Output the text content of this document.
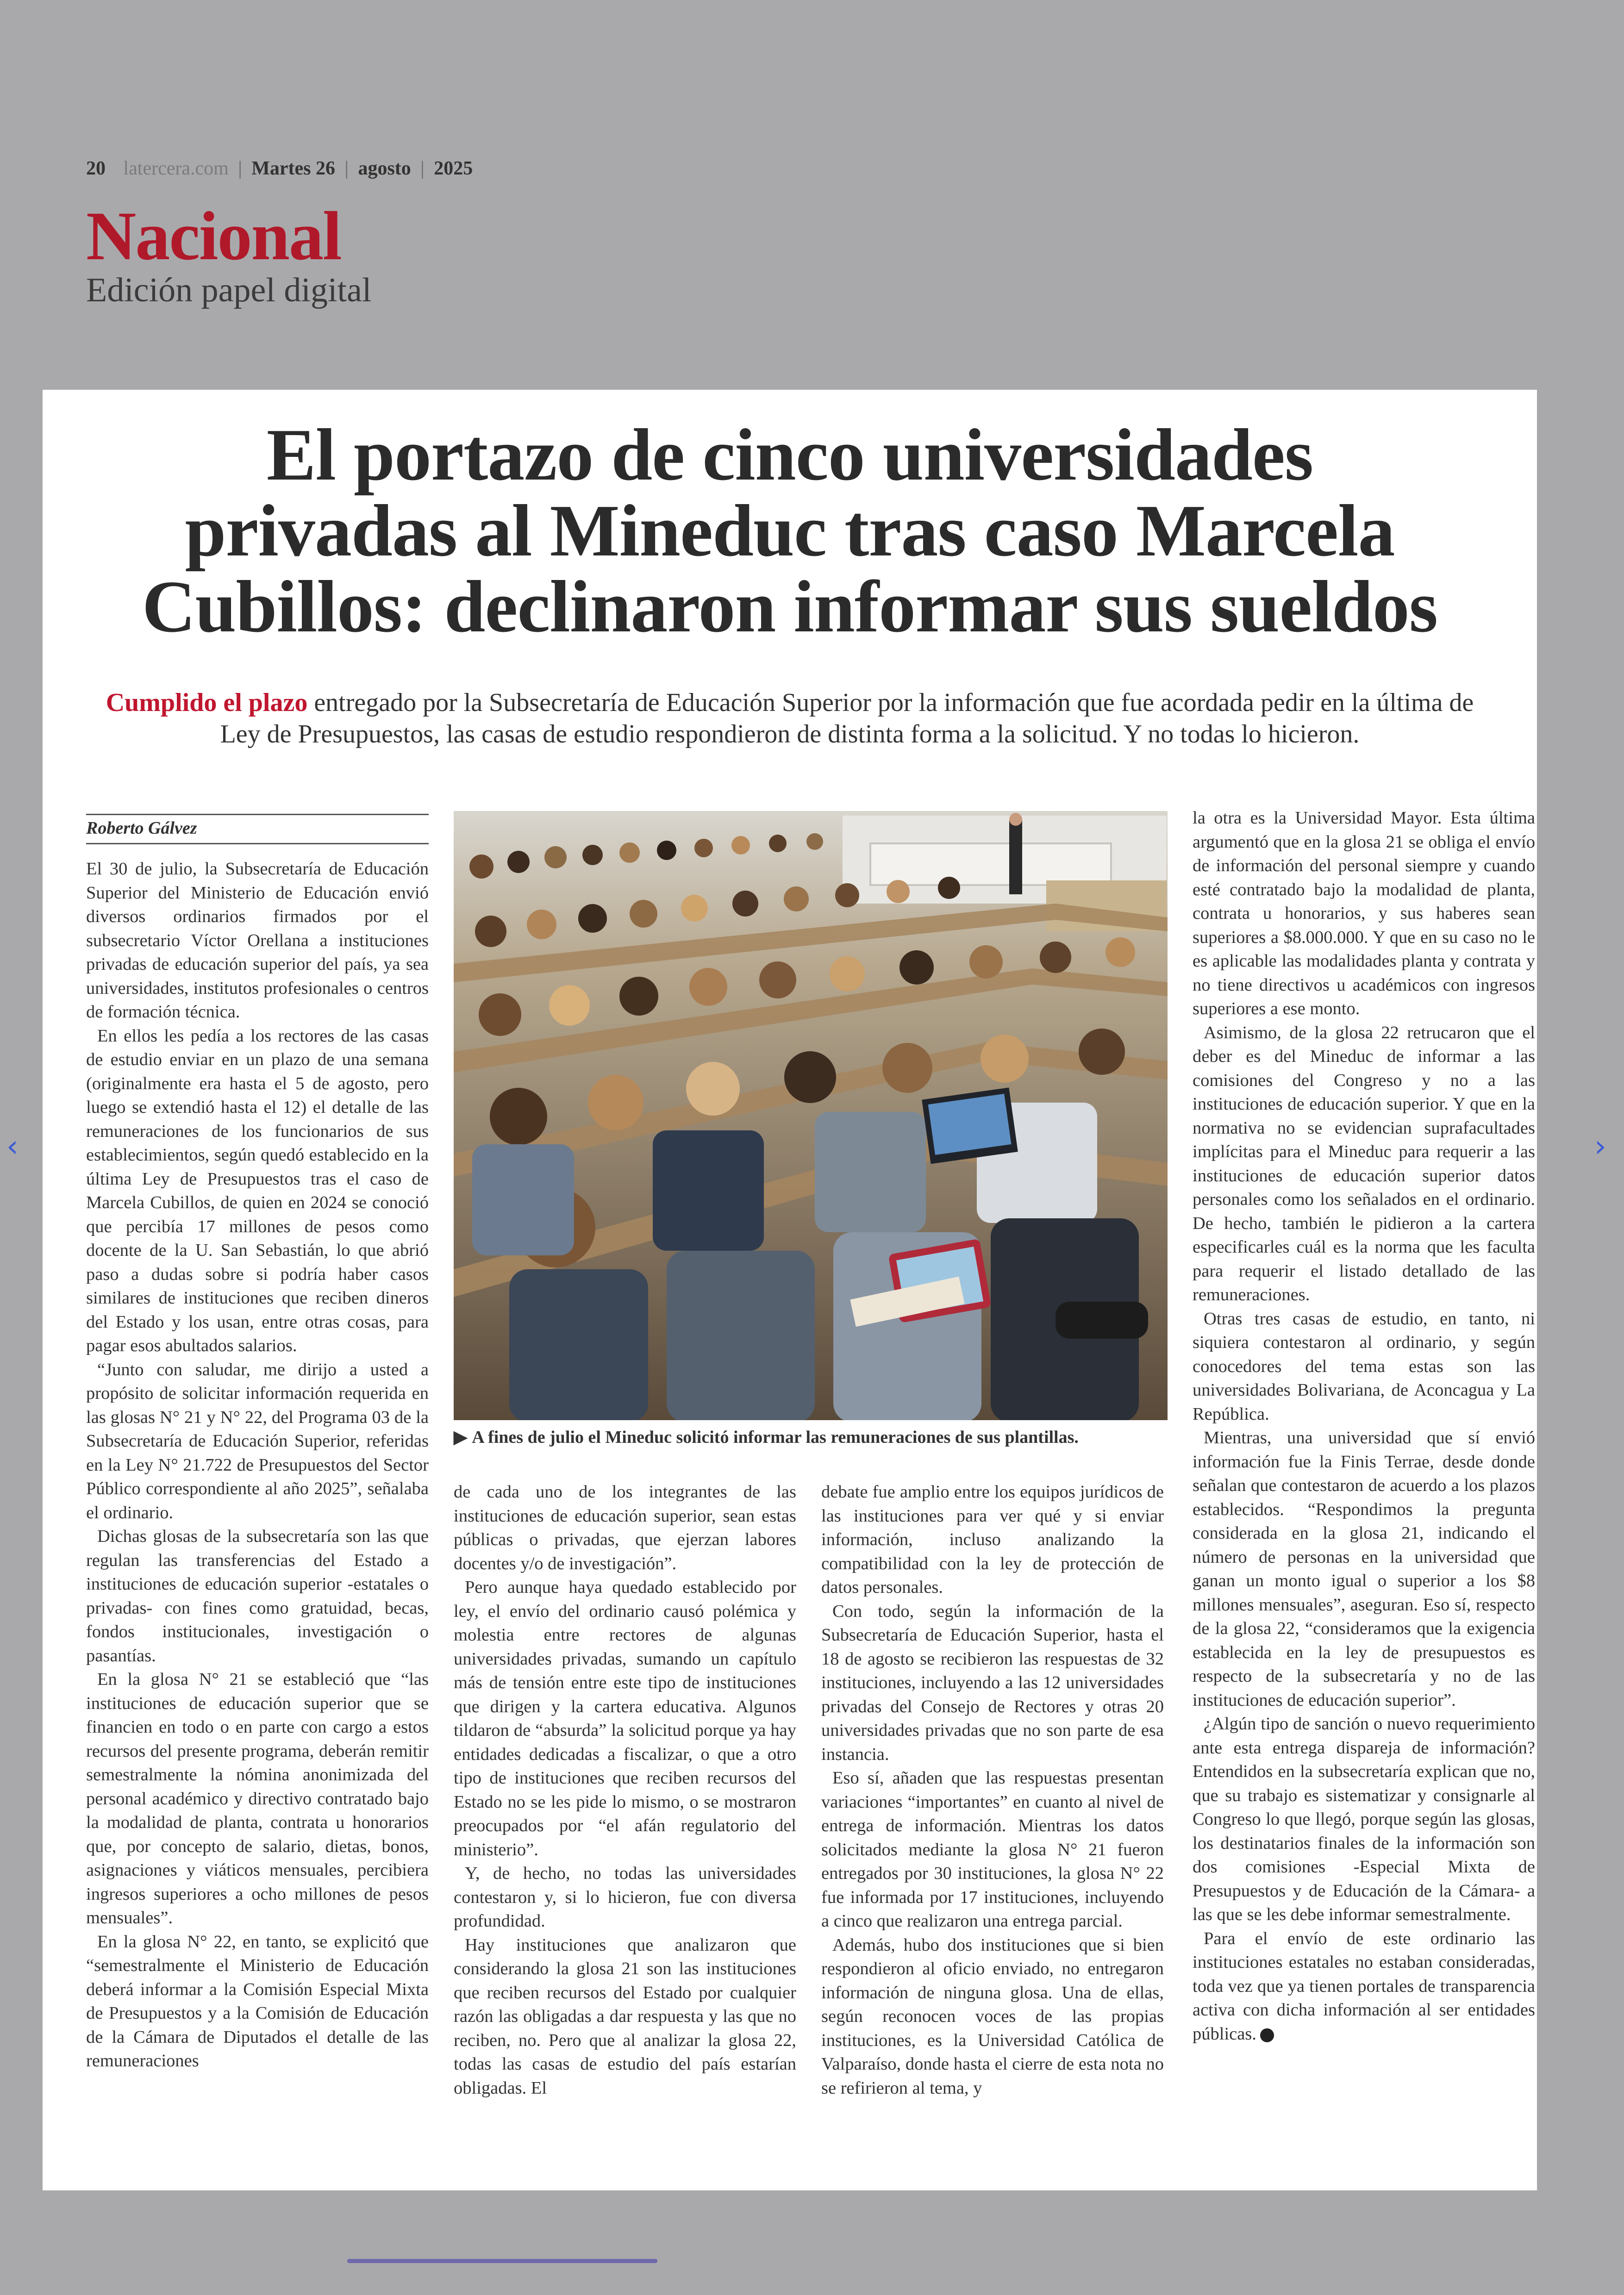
20 latercera.com | Martes 26 | agosto | 2025
Nacional
Edición papel digital
‹	›
El portazo de cinco universidades
privadas al Mineduc tras caso Marcela
Cubillos: declinaron informar sus sueldos
Cumplido el plazo entregado por la Subsecretaría de Educación Superior por la información que fue acordada pedir en la última de Ley de Presupuestos, las casas de estudio respondieron de distinta forma a la solicitud. Y no todas lo hicieron.
Roberto Gálvez

El 30 de julio, la Subsecretaría de Educación Superior del Ministerio de Educación envió diversos ordinarios firmados por el subsecretario Víctor Orellana a instituciones privadas de educación superior del país, ya sea universidades, institutos profesionales o centros de formación técnica.

En ellos les pedía a los rectores de las casas de estudio enviar en un plazo de una semana (originalmente era hasta el 5 de agosto, pero luego se extendió hasta el 12) el detalle de las remuneraciones de los funcionarios de sus establecimientos, según quedó establecido en la última Ley de Presupuestos tras el caso de Marcela Cubillos, de quien en 2024 se conoció que percibía 17 millones de pesos como docente de la U. San Sebastián, lo que abrió paso a dudas sobre si podría haber casos similares de instituciones que reciben dineros del Estado y los usan, entre otras cosas, para pagar esos abultados salarios.

“Junto con saludar, me dirijo a usted a propósito de solicitar información requerida en las glosas N° 21 y N° 22, del Programa 03 de la Subsecretaría de Educación Superior, referidas en la Ley N° 21.722 de Presupuestos del Sector Público correspondiente al año 2025”, señalaba el ordinario.

Dichas glosas de la subsecretaría son las que regulan las transferencias del Estado a instituciones de educación superior -estatales o privadas- con fines como gratuidad, becas, fondos institucionales, investigación o pasantías.

En la glosa N° 21 se estableció que “las instituciones de educación superior que se financien en todo o en parte con cargo a estos recursos del presente programa, deberán remitir semestralmente la nómina anonimizada del personal académico y directivo contratado bajo la modalidad de planta, contrata u honorarios que, por concepto de salario, dietas, bonos, asignaciones y viáticos mensuales, percibiera ingresos superiores a ocho millones de pesos mensuales”.

En la glosa N° 22, en tanto, se explicitó que “semestralmente el Ministerio de Educación deberá informar a la Comisión Especial Mixta de Presupuestos y a la Comisión de Educación de la Cámara de Diputados el detalle de las remuneraciones

▶ A fines de julio el Mineduc solicitó informar las remuneraciones de sus plantillas.

de cada uno de los integrantes de las instituciones de educación superior, sean estas públicas o privadas, que ejerzan labores docentes y/o de investigación”.

Pero aunque haya quedado establecido por ley, el envío del ordinario causó polémica y molestia entre rectores de algunas universidades privadas, sumando un capítulo más de tensión entre este tipo de instituciones que dirigen y la cartera educativa. Algunos tildaron de “absurda” la solicitud porque ya hay entidades dedicadas a fiscalizar, o que a otro tipo de instituciones que reciben recursos del Estado no se les pide lo mismo, o se mostraron preocupados por “el afán regulatorio del ministerio”.

Y, de hecho, no todas las universidades contestaron y, si lo hicieron, fue con diversa profundidad.

Hay instituciones que analizaron que considerando la glosa 21 son las instituciones que reciben recursos del Estado por cualquier razón las obligadas a dar respuesta y las que no reciben, no. Pero que al analizar la glosa 22, todas las casas de estudio del país estarían obligadas. El

debate fue amplio entre los equipos jurídicos de las instituciones para ver qué y si enviar información, incluso analizando la compatibilidad con la ley de protección de datos personales.

Con todo, según la información de la Subsecretaría de Educación Superior, hasta el 18 de agosto se recibieron las respuestas de 32 instituciones, incluyendo a las 12 universidades privadas del Consejo de Rectores y otras 20 universidades privadas que no son parte de esa instancia.

Eso sí, añaden que las respuestas presentan variaciones “importantes” en cuanto al nivel de entrega de información. Mientras los datos solicitados mediante la glosa N° 21 fueron entregados por 30 instituciones, la glosa N° 22 fue informada por 17 instituciones, incluyendo a cinco que realizaron una entrega parcial.

Además, hubo dos instituciones que si bien respondieron al oficio enviado, no entregaron información de ninguna glosa. Una de ellas, según reconocen voces de las propias instituciones, es la Universidad Católica de Valparaíso, donde hasta el cierre de esta nota no se refirieron al tema, y

la otra es la Universidad Mayor. Esta última argumentó que en la glosa 21 se obliga el envío de información del personal siempre y cuando esté contratado bajo la modalidad de planta, contrata u honorarios, y sus haberes sean superiores a $8.000.000. Y que en su caso no le es aplicable las modalidades planta y contrata y no tiene directivos u académicos con ingresos superiores a ese monto.

Asimismo, de la glosa 22 retrucaron que el deber es del Mineduc de informar a las comisiones del Congreso y no a las instituciones de educación superior. Y que en la normativa no se evidencian suprafacultades implícitas para el Mineduc para requerir a las instituciones de educación superior datos personales como los señalados en el ordinario. De hecho, también le pidieron a la cartera especificarles cuál es la norma que les faculta para requerir el listado detallado de las remuneraciones.

Otras tres casas de estudio, en tanto, ni siquiera contestaron al ordinario, y según conocedores del tema estas son las universidades Bolivariana, de Aconcagua y La República.

Mientras, una universidad que sí envió información fue la Finis Terrae, desde donde señalan que contestaron de acuerdo a los plazos establecidos. “Respondimos la pregunta considerada en la glosa 21, indicando el número de personas en la universidad que ganan un monto igual o superior a los $8 millones mensuales”, aseguran. Eso sí, respecto de la glosa 22, “consideramos que la exigencia establecida en la ley de presupuestos es respecto de la subsecretaría y no de las instituciones de educación superior”.

¿Algún tipo de sanción o nuevo requerimiento ante esta entrega dispareja de información? Entendidos en la subsecretaría explican que no, que su trabajo es sistematizar y consignarle al Congreso lo que llegó, porque según las glosas, los destinatarios finales de la información son dos comisiones -Especial Mixta de Presupuestos y de Educación de la Cámara- a las que se les debe informar semestralmente.

Para el envío de este ordinario las instituciones estatales no estaban consideradas, toda vez que ya tienen portales de transparencia activa con dicha información al ser entidades públicas.
